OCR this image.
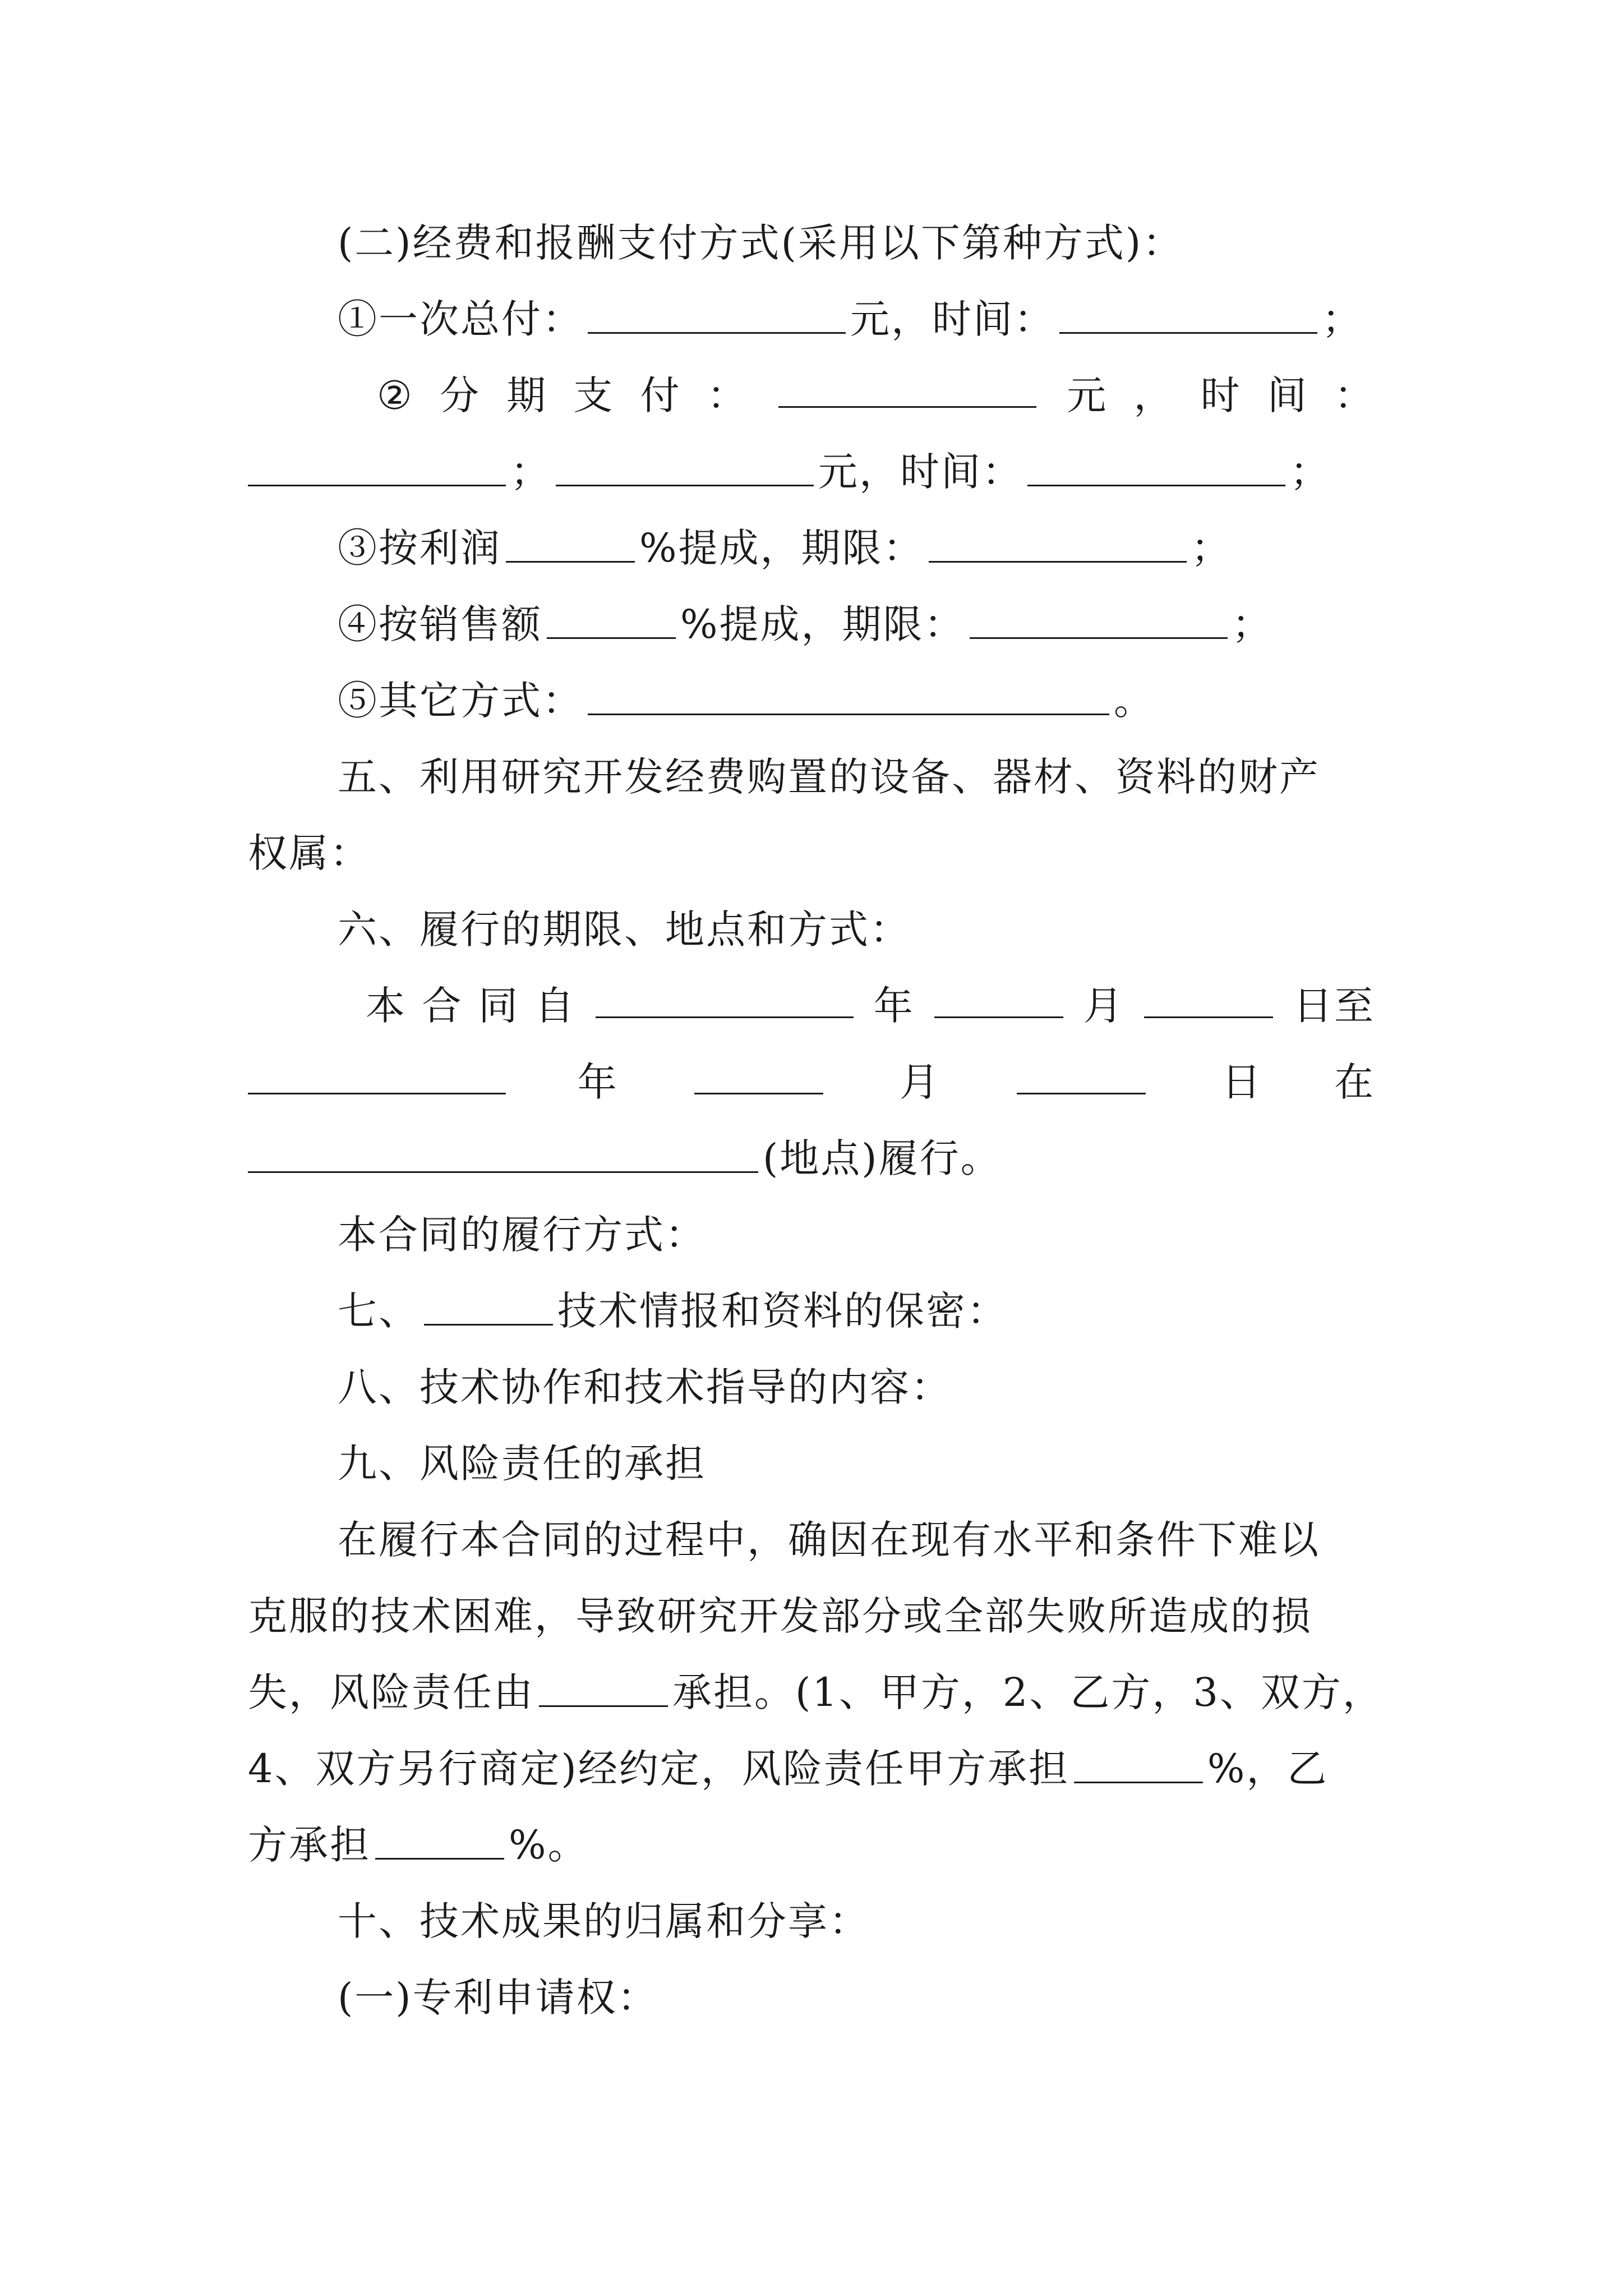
(二)经费和报酬支付方式(采用以下第种方式)：
①一次总付：	元，时间：	；
② 分 期 支 付 ：	元 ， 时 间 ：
；	元，时间：	；
③按利润	%提成，期限：	；
④按销售额	%提成，期限：	；
⑤其它方式：	。
五、利用研究开发经费购置的设备、器材、资料的财产
权属：
六、履行的期限、地点和方式：
本 合 同 自	年	月	日至
年	月	日 在
(地点)履行。
本合同的履行方式：
七、	技术情报和资料的保密：
八、技术协作和技术指导的内容：
九、风险责任的承担
在履行本合同的过程中，确因在现有水平和条件下难以
克服的技术困难，导致研究开发部分或全部失败所造成的损
失，风险责任由	承担。(1、甲方，2、乙方，3、双方，
4、双方另行商定)经约定，风险责任甲方承担	%，乙
方承担	%。
十、技术成果的归属和分享：
(一)专利申请权：
